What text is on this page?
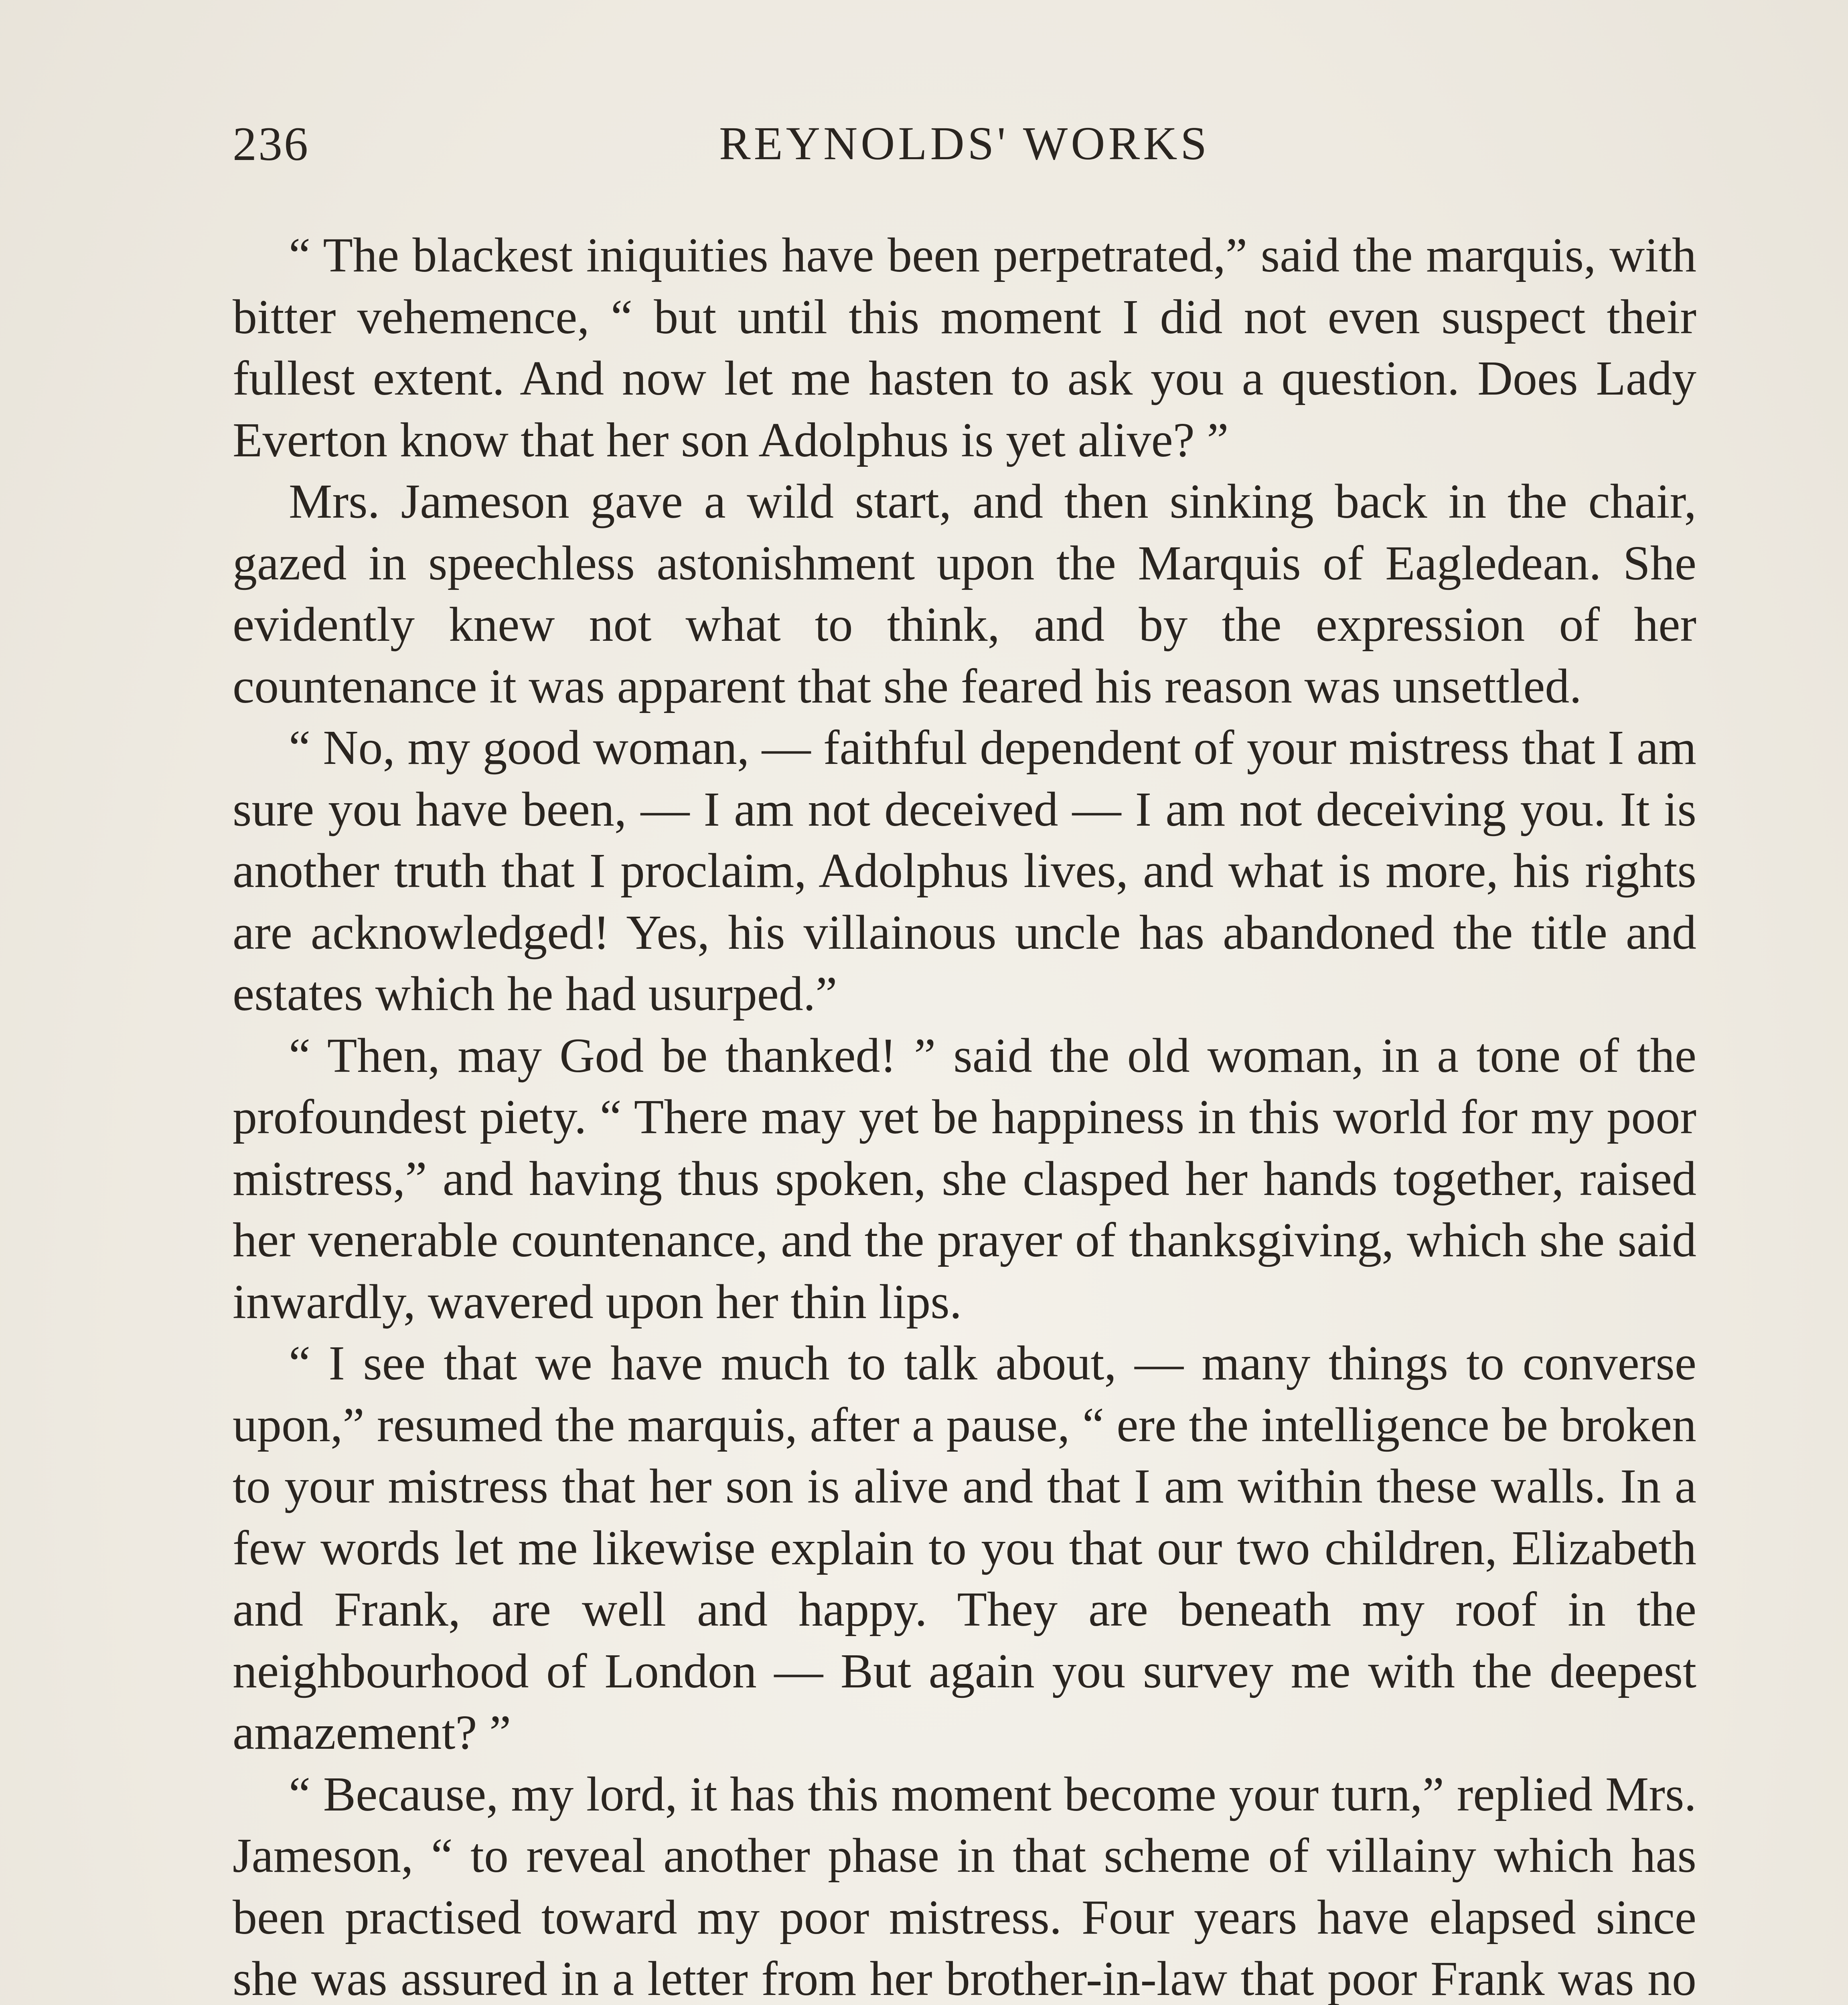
236	REYNOLDS' WORKS

“ The blackest iniquities have been perpetrated,” said the marquis, with bitter vehemence, “ but until this moment I did not even suspect their fullest extent. And now let me hasten to ask you a question. Does Lady Everton know that her son Adolphus is yet alive? ”

Mrs. Jameson gave a wild start, and then sinking back in the chair, gazed in speechless astonishment upon the Marquis of Eagledean. She evidently knew not what to think, and by the expression of her countenance it was apparent that she feared his reason was unsettled.

“ No, my good woman, — faithful dependent of your mistress that I am sure you have been, — I am not deceived — I am not deceiving you. It is another truth that I proclaim, Adolphus lives, and what is more, his rights are acknowledged! Yes, his villainous uncle has abandoned the title and estates which he had usurped.”

“ Then, may God be thanked! ” said the old woman, in a tone of the profoundest piety. “ There may yet be happiness in this world for my poor mistress,” and having thus spoken, she clasped her hands together, raised her venerable countenance, and the prayer of thanksgiving, which she said inwardly, wavered upon her thin lips.

“ I see that we have much to talk about, — many things to converse upon,” resumed the marquis, after a pause, “ ere the intelligence be broken to your mistress that her son is alive and that I am within these walls. In a few words let me likewise explain to you that our two children, Elizabeth and Frank, are well and happy. They are beneath my roof in the neighbourhood of London — But again you survey me with the deepest amazement? ”

“ Because, my lord, it has this moment become your turn,” replied Mrs. Jameson, “ to reveal another phase in that scheme of villainy which has been practised toward my poor mistress. Four years have elapsed since she was assured in a letter from her brother-in-law that poor Frank was no
